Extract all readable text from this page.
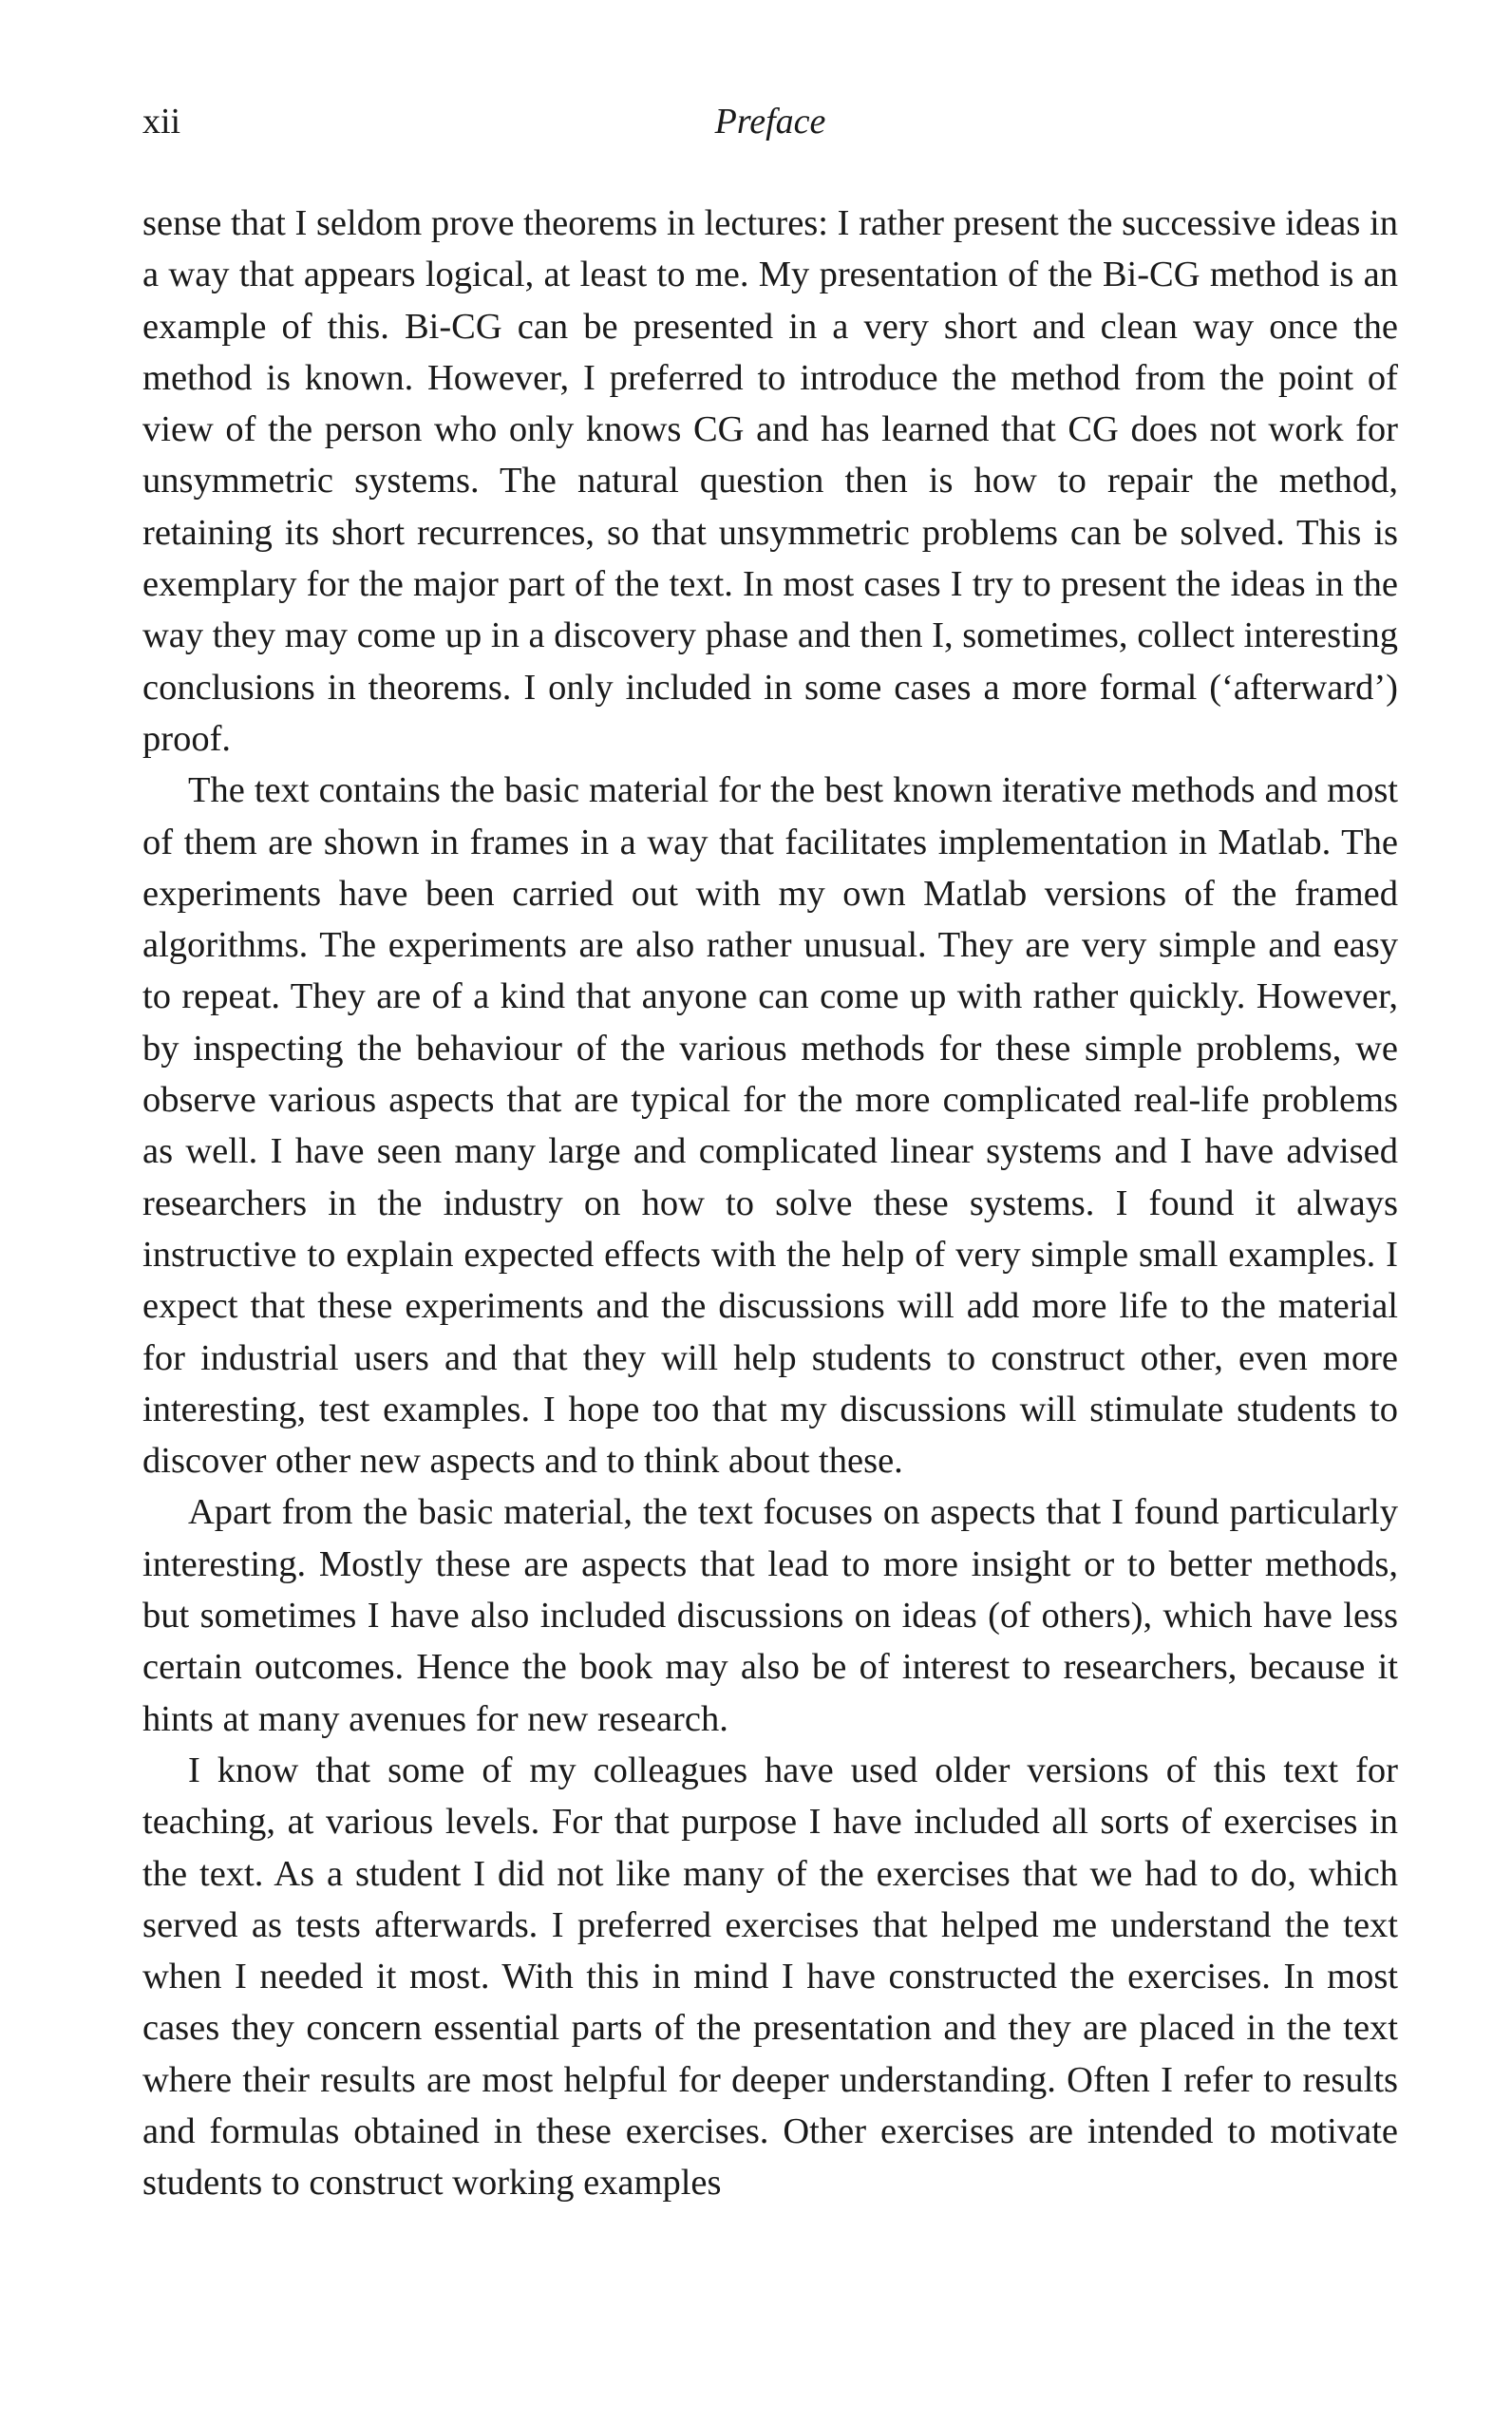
xii	Preface

sense that I seldom prove theorems in lectures: I rather present the successive ideas in a way that appears logical, at least to me. My presentation of the Bi-CG method is an example of this. Bi-CG can be presented in a very short and clean way once the method is known. However, I preferred to introduce the method from the point of view of the person who only knows CG and has learned that CG does not work for unsymmetric systems. The natural question then is how to repair the method, retaining its short recurrences, so that unsymmetric problems can be solved. This is exemplary for the major part of the text. In most cases I try to present the ideas in the way they may come up in a discovery phase and then I, sometimes, collect interesting conclusions in theorems. I only included in some cases a more formal (‘afterward’) proof.

The text contains the basic material for the best known iterative methods and most of them are shown in frames in a way that facilitates implementation in Matlab. The experiments have been carried out with my own Matlab versions of the framed algorithms. The experiments are also rather unusual. They are very simple and easy to repeat. They are of a kind that anyone can come up with rather quickly. However, by inspecting the behaviour of the various methods for these simple problems, we observe various aspects that are typical for the more complicated real-life problems as well. I have seen many large and complicated linear systems and I have advised researchers in the industry on how to solve these systems. I found it always instructive to explain expected effects with the help of very simple small examples. I expect that these experiments and the discussions will add more life to the material for industrial users and that they will help students to construct other, even more interesting, test examples. I hope too that my discussions will stimulate students to discover other new aspects and to think about these.

Apart from the basic material, the text focuses on aspects that I found particularly interesting. Mostly these are aspects that lead to more insight or to better methods, but sometimes I have also included discussions on ideas (of others), which have less certain outcomes. Hence the book may also be of interest to researchers, because it hints at many avenues for new research.

I know that some of my colleagues have used older versions of this text for teaching, at various levels. For that purpose I have included all sorts of exercises in the text. As a student I did not like many of the exercises that we had to do, which served as tests afterwards. I preferred exercises that helped me understand the text when I needed it most. With this in mind I have constructed the exercises. In most cases they concern essential parts of the presentation and they are placed in the text where their results are most helpful for deeper understanding. Often I refer to results and formulas obtained in these exercises. Other exercises are intended to motivate students to construct working examples
